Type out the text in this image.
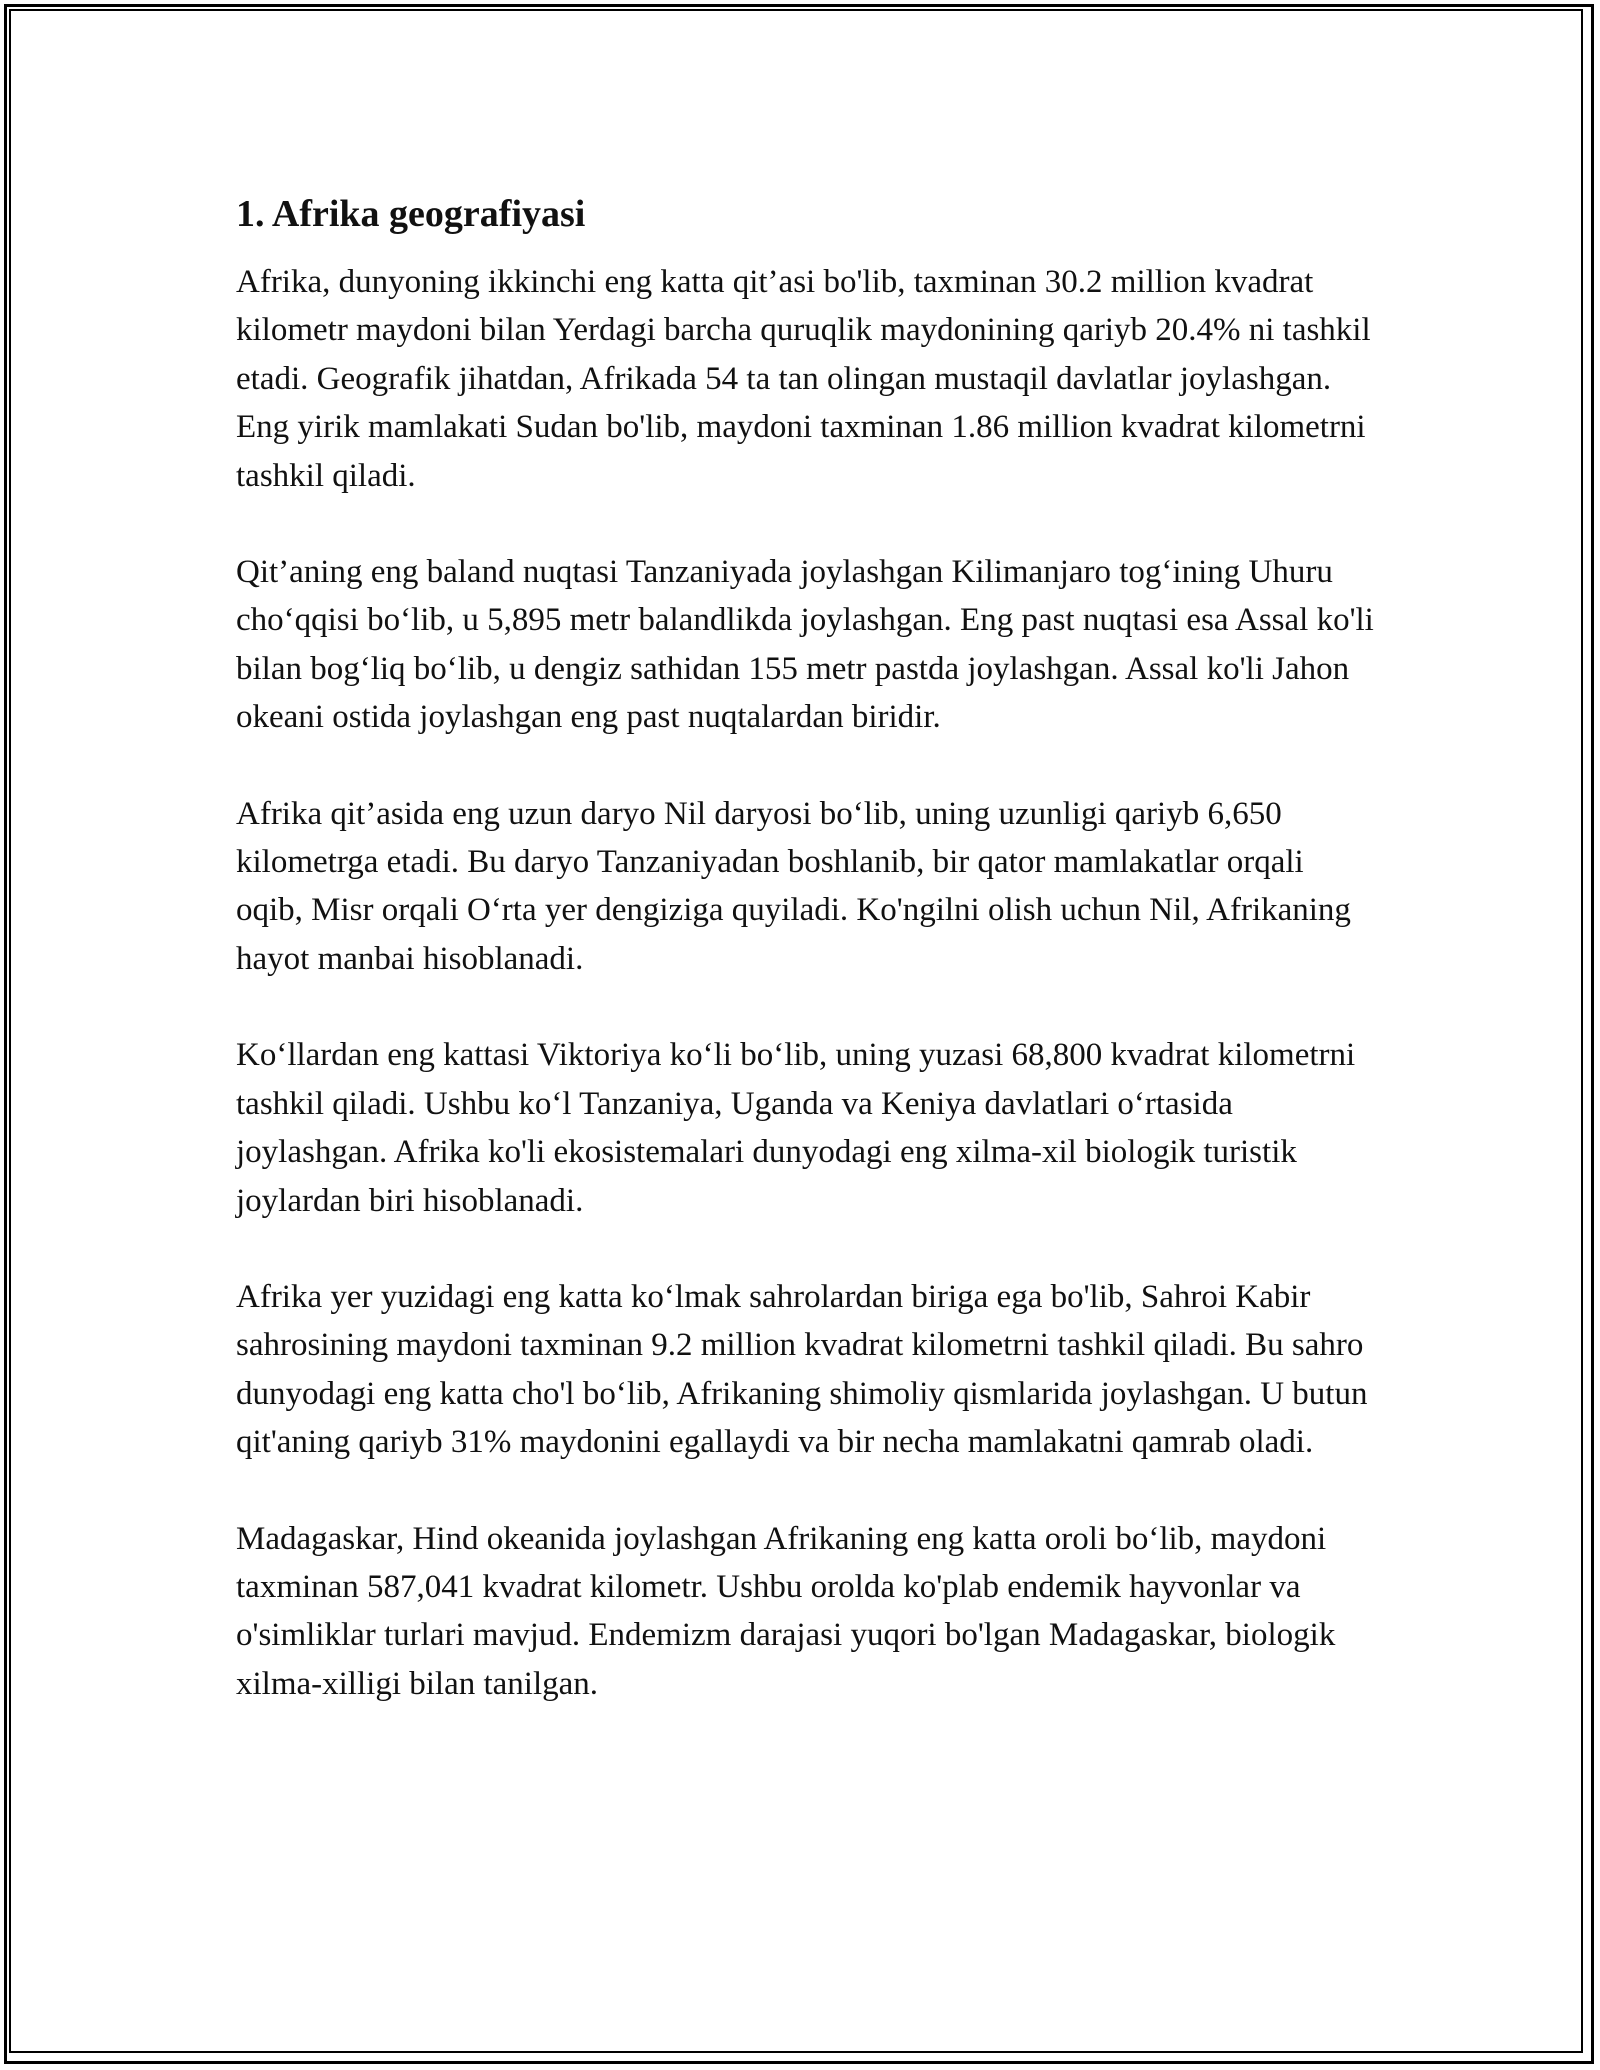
1. Afrika geografiyasi

Afrika, dunyoning ikkinchi eng katta qit’asi bo'lib, taxminan 30.2 million kvadrat kilometr maydoni bilan Yerdagi barcha quruqlik maydonining qariyb 20.4% ni tashkil etadi. Geografik jihatdan, Afrikada 54 ta tan olingan mustaqil davlatlar joylashgan. Eng yirik mamlakati Sudan bo'lib, maydoni taxminan 1.86 million kvadrat kilometrni tashkil qiladi.

Qit’aning eng baland nuqtasi Tanzaniyada joylashgan Kilimanjaro tog‘ining Uhuru cho‘qqisi bo‘lib, u 5,895 metr balandlikda joylashgan. Eng past nuqtasi esa Assal ko'li bilan bog‘liq bo‘lib, u dengiz sathidan 155 metr pastda joylashgan. Assal ko'li Jahon okeani ostida joylashgan eng past nuqtalardan biridir.

Afrika qit’asida eng uzun daryo Nil daryosi bo‘lib, uning uzunligi qariyb 6,650 kilometrga etadi. Bu daryo Tanzaniyadan boshlanib, bir qator mamlakatlar orqali oqib, Misr orqali O‘rta yer dengiziga quyiladi. Ko'ngilni olish uchun Nil, Afrikaning hayot manbai hisoblanadi.

Ko‘llardan eng kattasi Viktoriya ko‘li bo‘lib, uning yuzasi 68,800 kvadrat kilometrni tashkil qiladi. Ushbu ko‘l Tanzaniya, Uganda va Keniya davlatlari o‘rtasida joylashgan. Afrika ko'li ekosistemalari dunyodagi eng xilma-xil biologik turistik joylardan biri hisoblanadi.

Afrika yer yuzidagi eng katta ko‘lmak sahrolardan biriga ega bo'lib, Sahroi Kabir sahrosining maydoni taxminan 9.2 million kvadrat kilometrni tashkil qiladi. Bu sahro dunyodagi eng katta cho'l bo‘lib, Afrikaning shimoliy qismlarida joylashgan. U butun qit'aning qariyb 31% maydonini egallaydi va bir necha mamlakatni qamrab oladi.

Madagaskar, Hind okeanida joylashgan Afrikaning eng katta oroli bo‘lib, maydoni taxminan 587,041 kvadrat kilometr. Ushbu orolda ko'plab endemik hayvonlar va o'simliklar turlari mavjud. Endemizm darajasi yuqori bo'lgan Madagaskar, biologik xilma-xilligi bilan tanilgan.
